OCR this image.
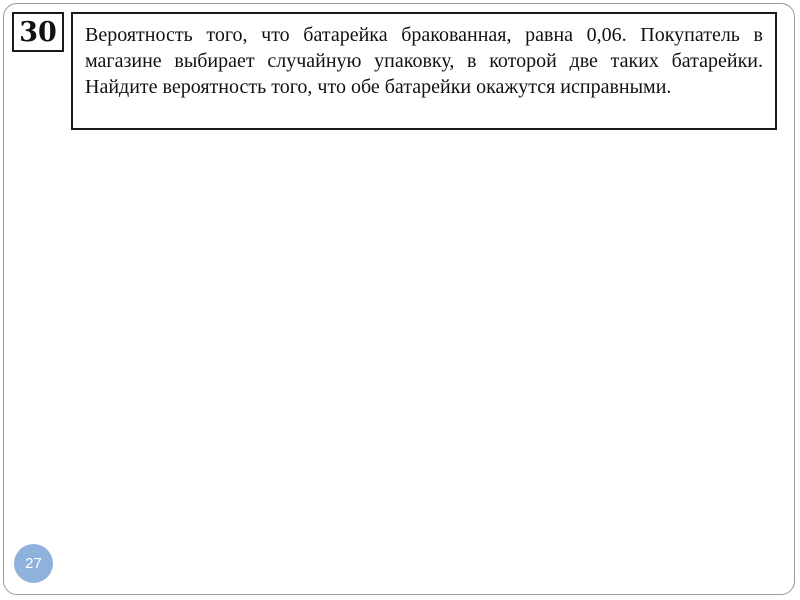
30	Вероятность того, что батарейка бракованная, равна 0,06. Покупатель в магазине выбирает случайную упаковку, в которой две таких батарейки. Найдите вероятность того, что обе батарейки окажутся исправными.

27
